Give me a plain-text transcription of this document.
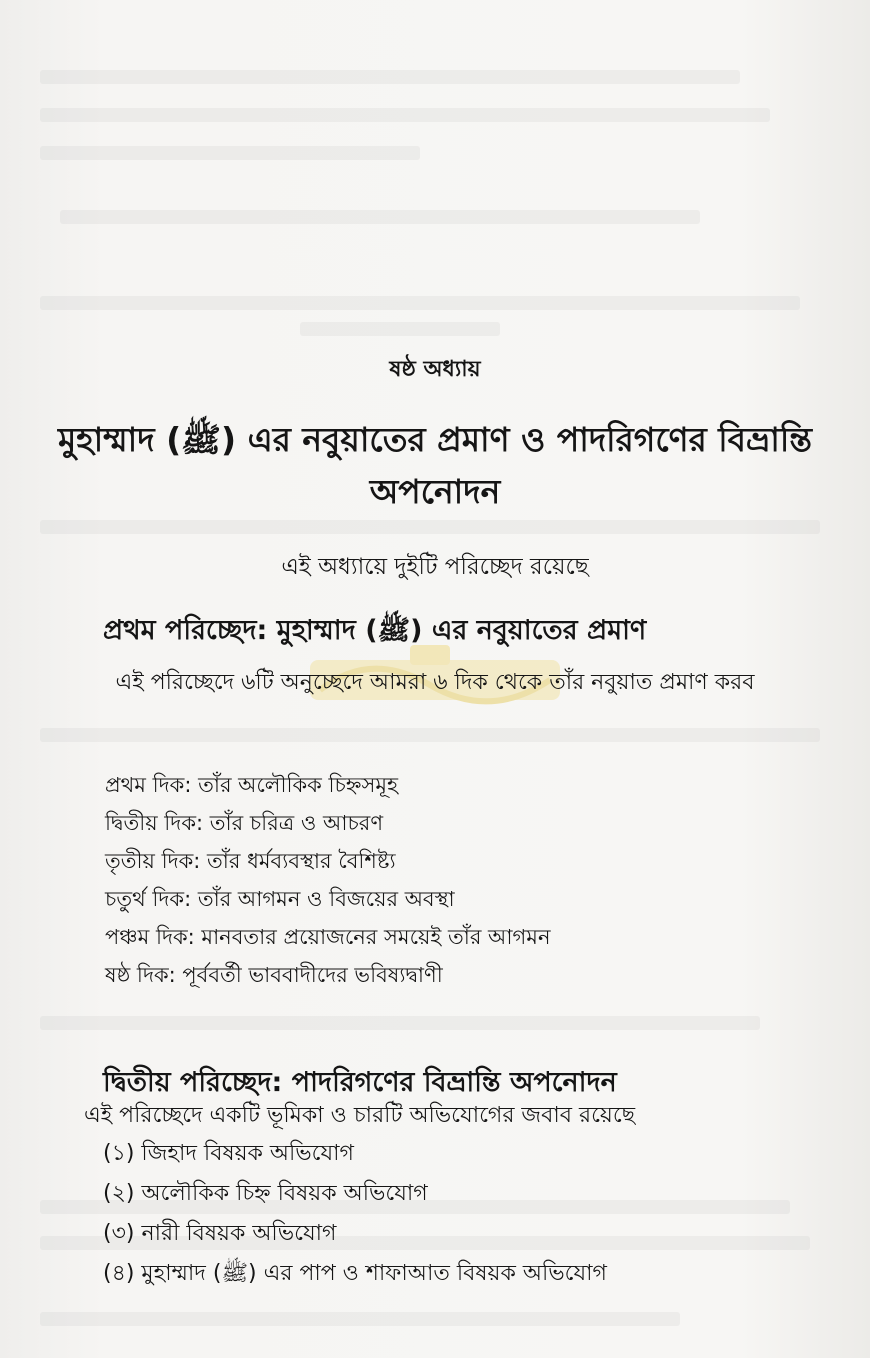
ষষ্ঠ অধ্যায়
মুহাম্মাদ (ﷺ) এর নবুয়াতের প্রমাণ ও পাদরিগণের বিভ্রান্তি অপনোদন
এই অধ্যায়ে দুইটি পরিচ্ছেদ রয়েছে
প্রথম পরিচ্ছেদ: মুহাম্মাদ (ﷺ) এর নবুয়াতের প্রমাণ
এই পরিচ্ছেদে ৬টি অনুচ্ছেদে আমরা ৬ দিক থেকে তাঁর নবুয়াত প্রমাণ করব
প্রথম দিক: তাঁর অলৌকিক চিহ্নসমূহ
দ্বিতীয় দিক: তাঁর চরিত্র ও আচরণ
তৃতীয় দিক: তাঁর ধর্মব্যবস্থার বৈশিষ্ট্য
চতুর্থ দিক: তাঁর আগমন ও বিজয়ের অবস্থা
পঞ্চম দিক: মানবতার প্রয়োজনের সময়েই তাঁর আগমন
ষষ্ঠ দিক: পূর্ববর্তী ভাববাদীদের ভবিষ্যদ্বাণী
দ্বিতীয় পরিচ্ছেদ: পাদরিগণের বিভ্রান্তি অপনোদন
এই পরিচ্ছেদে একটি ভূমিকা ও চারটি অভিযোগের জবাব রয়েছে
(১) জিহাদ বিষয়ক অভিযোগ
(২) অলৌকিক চিহ্ন বিষয়ক অভিযোগ
(৩) নারী বিষয়ক অভিযোগ
(৪) মুহাম্মাদ (ﷺ) এর পাপ ও শাফাআত বিষয়ক অভিযোগ
